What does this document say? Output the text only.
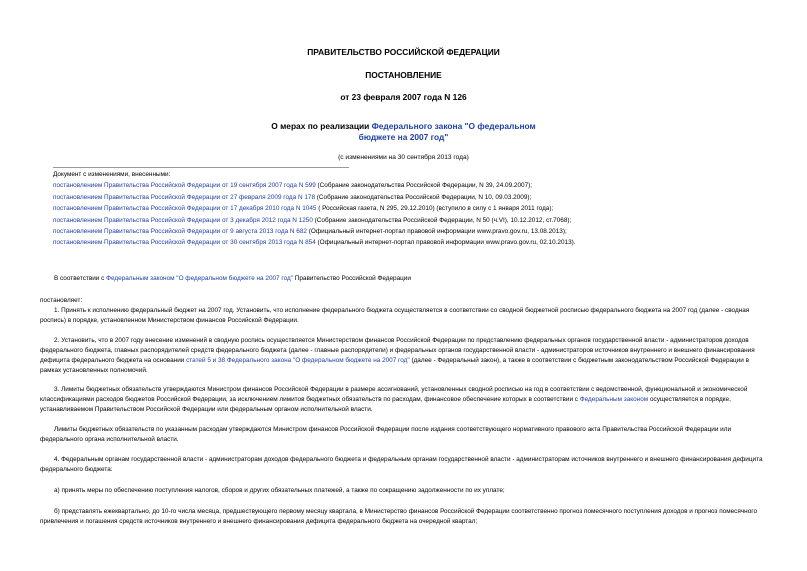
ПРАВИТЕЛЬСТВО РОССИЙСКОЙ ФЕДЕРАЦИИ
ПОСТАНОВЛЕНИЕ
от 23 февраля 2007 года N 126
О мерах по реализации Федерального закона "О федеральном
бюджете на 2007 год"
(с изменениями на 30 сентября 2013 года)
Документ с изменениями, внесенными:
постановлением Правительства Российской Федерации от 19 сентября 2007 года N 599 (Собрание законодательства Российской Федерации, N 39, 24.09.2007);
постановлением Правительства Российской Федерации от 27 февраля 2009 года N 178 (Собрание законодательства Российской Федерации, N 10, 09.03.2009);
постановлением Правительства Российской Федерации от 17 декабря 2010 года N 1045 ( Российская газета, N 295, 29.12.2010) (вступило в силу с 1 января 2011 года);
постановлением Правительства Российской Федерации от 3 декабря 2012 года N 1250 (Собрание законодательства Российской Федерации, N 50 (ч.VI), 10.12.2012, ст.7068);
постановлением Правительства Российской Федерации от 9 августа 2013 года N 682 (Официальный интернет-портал правовой информации www.pravo.gov.ru, 13.08.2013);
постановлением Правительства Российской Федерации от 30 сентября 2013 года N 854 (Официальный интернет-портал правовой информации www.pravo.gov.ru, 02.10.2013).
В соответствии с Федеральным законом "О федеральном бюджете на 2007 год" Правительство Российской Федерации
постановляет:
1. Принять к исполнению федеральный бюджет на 2007 год. Установить, что исполнение федерального бюджета осуществляется в соответствии со сводной бюджетной росписью федерального бюджета на 2007 год (далее - сводная роспись) в порядке, установленном Министерством финансов Российской Федерации.
2. Установить, что в 2007 году внесение изменений в сводную роспись осуществляется Министерством финансов Российской Федерации по представлению федеральных органов государственной власти - администраторов доходов федерального бюджета, главных распорядителей средств федерального бюджета (далее - главные распорядители) и федеральных органов государственной власти - администраторов источников внутреннего и внешнего финансирования дефицита федерального бюджета на основании статей 5 и 38 Федерального закона "О федеральном бюджете на 2007 год" (далее - Федеральный закон), а также в соответствии с бюджетным законодательством Российской Федерации в рамках установленных полномочий.
3. Лимиты бюджетных обязательств утверждаются Министром финансов Российской Федерации в размере ассигнований, установленных сводной росписью на год в соответствии с ведомственной, функциональной и экономической классификациями расходов бюджетов Российской Федерации, за исключением лимитов бюджетных обязательств по расходам, финансовое обеспечение которых в соответствии с Федеральным законом осуществляется в порядке, устанавливаемом Правительством Российской Федерации или федеральным органом исполнительной власти.
Лимиты бюджетных обязательств по указанным расходам утверждаются Министром финансов Российской Федерации после издания соответствующего нормативного правового акта Правительства Российской Федерации или федерального органа исполнительной власти.
4. Федеральным органам государственной власти - администраторам доходов федерального бюджета и федеральным органам государственной власти - администраторам источников внутреннего и внешнего финансирования дефицита федерального бюджета:
а) принять меры по обеспечению поступления налогов, сборов и других обязательных платежей, а также по сокращению задолженности по их уплате;
б) представлять ежеквартально, до 10-го числа месяца, предшествующего первому месяцу квартала, в Министерство финансов Российской Федерации соответственно прогноз помесячного поступления доходов и прогноз помесячного привлечения и погашения средств источников внутреннего и внешнего финансирования дефицита федерального бюджета на очередной квартал;
